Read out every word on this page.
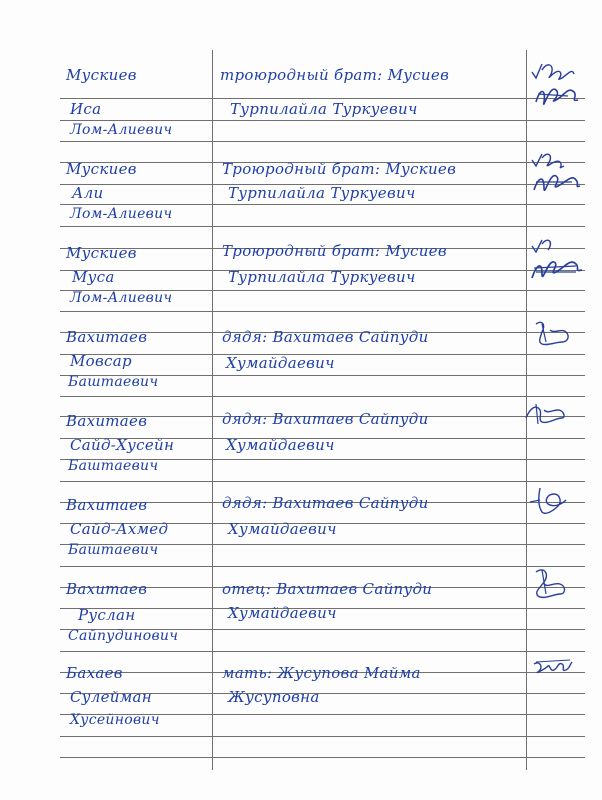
Мускиев
Иса
Лом-Алиевич
троюродный брат: Мусиев
Турпилайла Туркуевич
Мускиев
Али
Лом-Алиевич
Троюродный брат: Мускиев
Турпилайла Туркуевич
Мускиев
Муса
Лом-Алиевич
Троюродный брат: Мусиев
Турпилайла Туркуевич
Вахитаев
Мовсар
Баштаевич
дядя: Вахитаев Сайпуди
Хумайдаевич
Вахитаев
Сайд-Хусейн
Баштаевич
дядя: Вахитаев Сайпуди
Хумайдаевич
Вахитаев
Сайд-Ахмед
Баштаевич
дядя: Вахитаев Сайпуди
Хумайдаевич
Вахитаев
Руслан
Сайпудинович
отец: Вахитаев Сайпуди
Хумайдаевич
Бахаев
Сулейман
Хусейнович
мать: Жусупова Майма
Жусуповна
